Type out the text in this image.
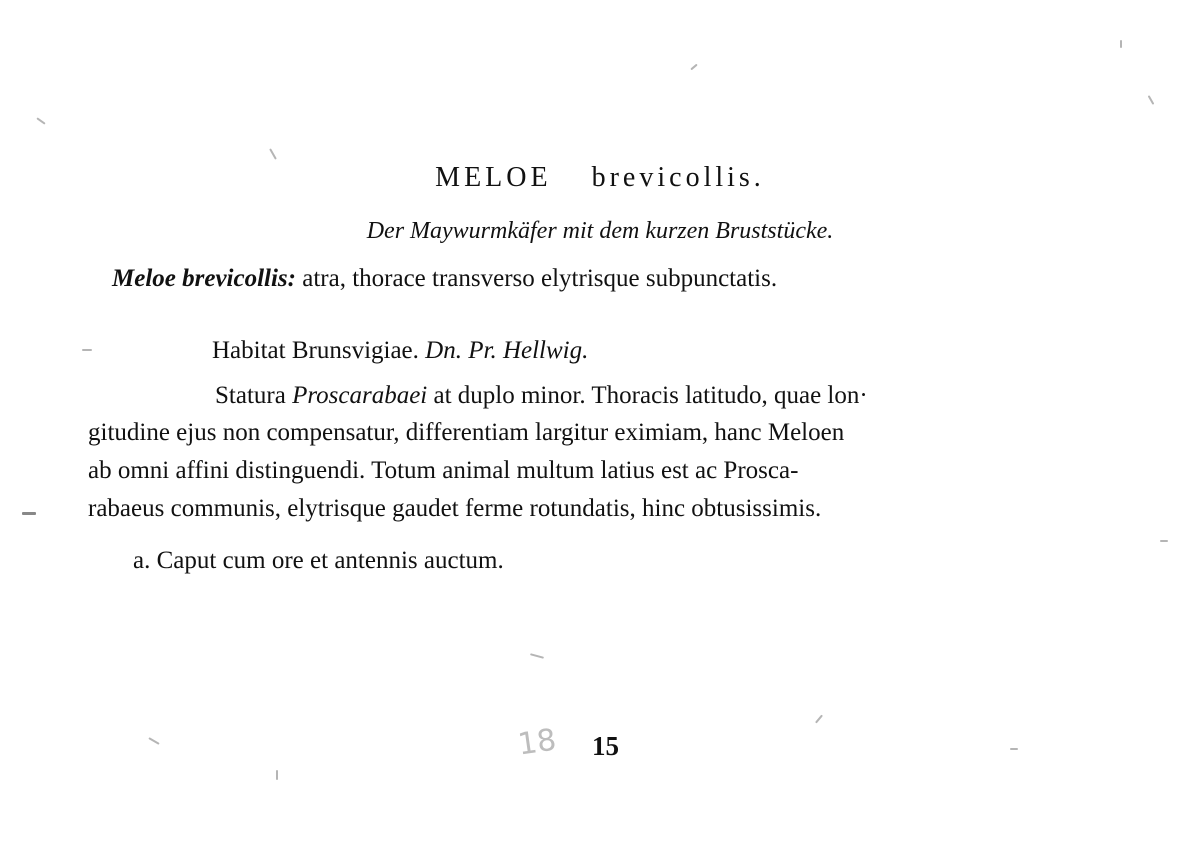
MELOE brevicollis.
Der Maywurmkäfer mit dem kurzen Bruststücke.
Meloe brevicollis: atra, thorace transverso elytrisque subpunctatis.
Habitat Brunsvigiae. Dn. Pr. Hellwig.
Statura Proscarabaei at duplo minor. Thoracis latitudo, quae lon·
gitudine ejus non compensatur, differentiam largitur eximiam, hanc Meloen
ab omni affini distinguendi. Totum animal multum latius est ac Prosca-
rabaeus communis, elytrisque gaudet ferme rotundatis, hinc obtusissimis.
a. Caput cum ore et antennis auctum.
18 15
